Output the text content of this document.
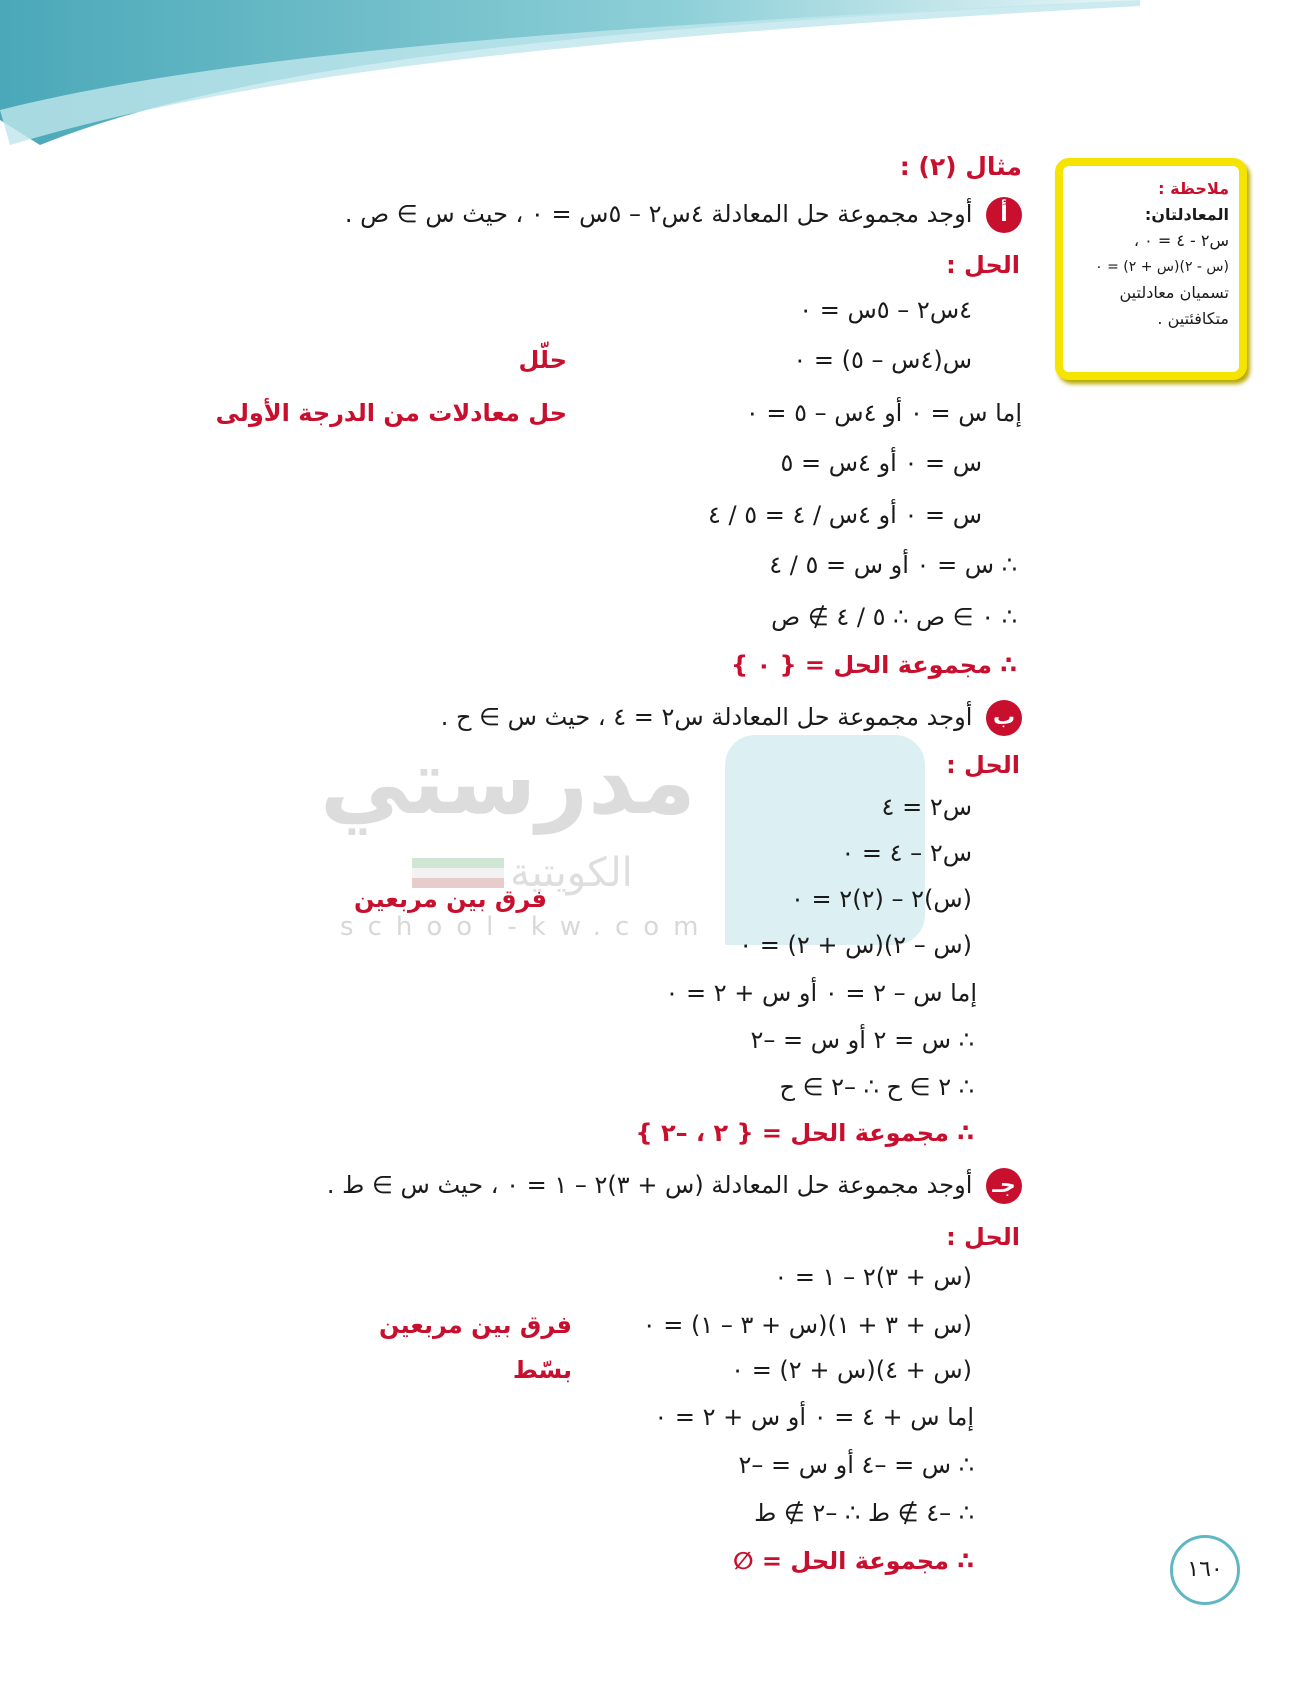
مدرستي
الكويتية
school-kw.com
ملاحظة :
المعادلتان:
س٢ - ٤ = ٠ ،
(س - ٢)(س + ٢) = ٠
تسميان معادلتين
متكافئتين .
مثال (٢) :
أ أوجد مجموعة حل المعادلة ٤س٢ – ٥س = ٠ ، حيث س ∋ ص .
الحل :
٤س٢ – ٥س = ٠
س(٤س – ٥) = ٠
حلّل
إما س = ٠ أو ٤س – ٥ = ٠
حل معادلات من الدرجة الأولى
س = ٠ أو ٤س = ٥
س = ٠ أو ٤س / ٤ = ٥ / ٤
∴ س = ٠ أو س = ٥ / ٤
∴ ٠ ∋ ص ∴ ٥ / ٤ ∌ ص
∴ مجموعة الحل = { ٠ }
ب أوجد مجموعة حل المعادلة س٢ = ٤ ، حيث س ∋ ح .
الحل :
س٢ = ٤
س٢ – ٤ = ٠
(س)٢ – (٢)٢ = ٠
فرق بين مربعين
(س – ٢)(س + ٢) = ٠
إما س – ٢ = ٠ أو س + ٢ = ٠
∴ س = ٢ أو س = –٢
∴ ٢ ∋ ح ∴ –٢ ∋ ح
∴ مجموعة الحل = { ٢ ، –٢ }
جـ أوجد مجموعة حل المعادلة (س + ٣)٢ – ١ = ٠ ، حيث س ∋ ط .
الحل :
(س + ٣)٢ – ١ = ٠
(س + ٣ + ١)(س + ٣ – ١) = ٠
فرق بين مربعين
(س + ٤)(س + ٢) = ٠
بسّط
إما س + ٤ = ٠ أو س + ٢ = ٠
∴ س = –٤ أو س = –٢
∴ –٤ ∌ ط ∴ –٢ ∌ ط
∴ مجموعة الحل = ∅	١٦٠
